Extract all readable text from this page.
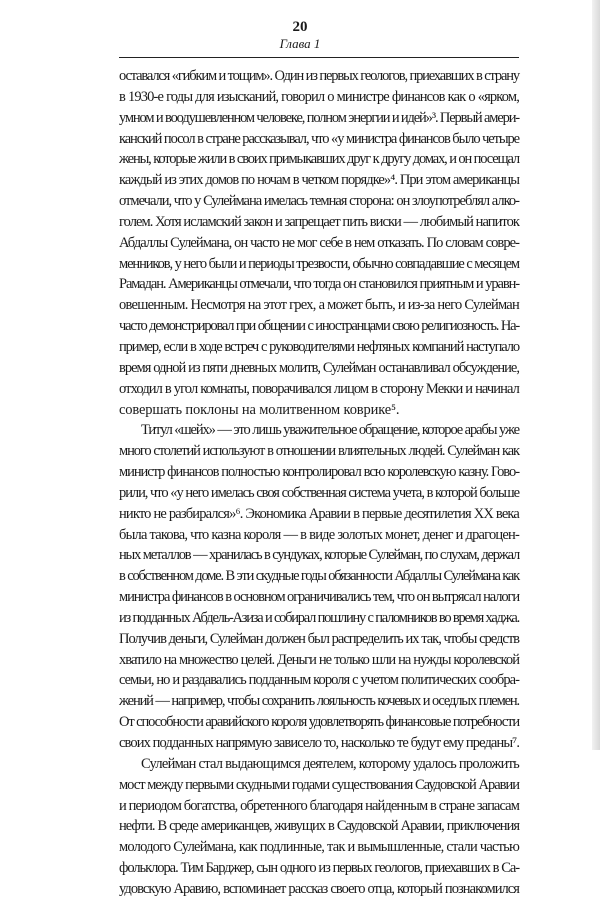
20
Глава 1
оставался «гибким и тощим». Один из первых геологов, приехавших в страну
в 1930-е годы для изысканий, говорил о министре финансов как о «ярком,
умном и воодушевленном человеке, полном энергии и идей»³. Первый амери-
канский посол в стране рассказывал, что «у министра финансов было четыре
жены, которые жили в своих примыкавших друг к другу домах, и он посещал
каждый из этих домов по ночам в четком порядке»⁴. При этом американцы
отмечали, что у Сулеймана имелась темная сторона: он злоупотреблял алко-
голем. Хотя исламский закон и запрещает пить виски — любимый напиток
Абдаллы Сулеймана, он часто не мог себе в нем отказать. По словам совре-
менников, у него были и периоды трезвости, обычно совпадавшие с месяцем
Рамадан. Американцы отмечали, что тогда он становился приятным и уравн-
овешенным. Несмотря на этот грех, а может быть, и из-за него Сулейман
часто демонстрировал при общении с иностранцами свою религиозность. На-
пример, если в ходе встреч с руководителями нефтяных компаний наступало
время одной из пяти дневных молитв, Сулейман останавливал обсуждение,
отходил в угол комнаты, поворачивался лицом в сторону Мекки и начинал
совершать поклоны на молитвенном коврике⁵.
Титул «шейх» — это лишь уважительное обращение, которое арабы уже
много столетий используют в отношении влиятельных людей. Сулейман как
министр финансов полностью контролировал всю королевскую казну. Гово-
рили, что «у него имелась своя собственная система учета, в которой больше
никто не разбирался»⁶. Экономика Аравии в первые десятилетия XX века
была такова, что казна короля — в виде золотых монет, денег и драгоцен-
ных металлов — хранилась в сундуках, которые Сулейман, по слухам, держал
в собственном доме. В эти скудные годы обязанности Абдаллы Сулеймана как
министра финансов в основном ограничивались тем, что он вытрясал налоги
из подданных Абдель-Азиза и собирал пошлину с паломников во время хаджа.
Получив деньги, Сулейман должен был распределить их так, чтобы средств
хватило на множество целей. Деньги не только шли на нужды королевской
семьи, но и раздавались подданным короля с учетом политических сообра-
жений — например, чтобы сохранить лояльность кочевых и оседлых племен.
От способности аравийского короля удовлетворять финансовые потребности
своих подданных напрямую зависело то, насколько те будут ему преданы⁷.
Сулейман стал выдающимся деятелем, которому удалось проложить
мост между первыми скудными годами существования Саудовской Аравии
и периодом богатства, обретенного благодаря найденным в стране запасам
нефти. В среде американцев, живущих в Саудовской Аравии, приключения
молодого Сулеймана, как подлинные, так и вымышленные, стали частью
фольклора. Тим Барджер, сын одного из первых геологов, приехавших в Са-
удовскую Аравию, вспоминает рассказ своего отца, который познакомился
